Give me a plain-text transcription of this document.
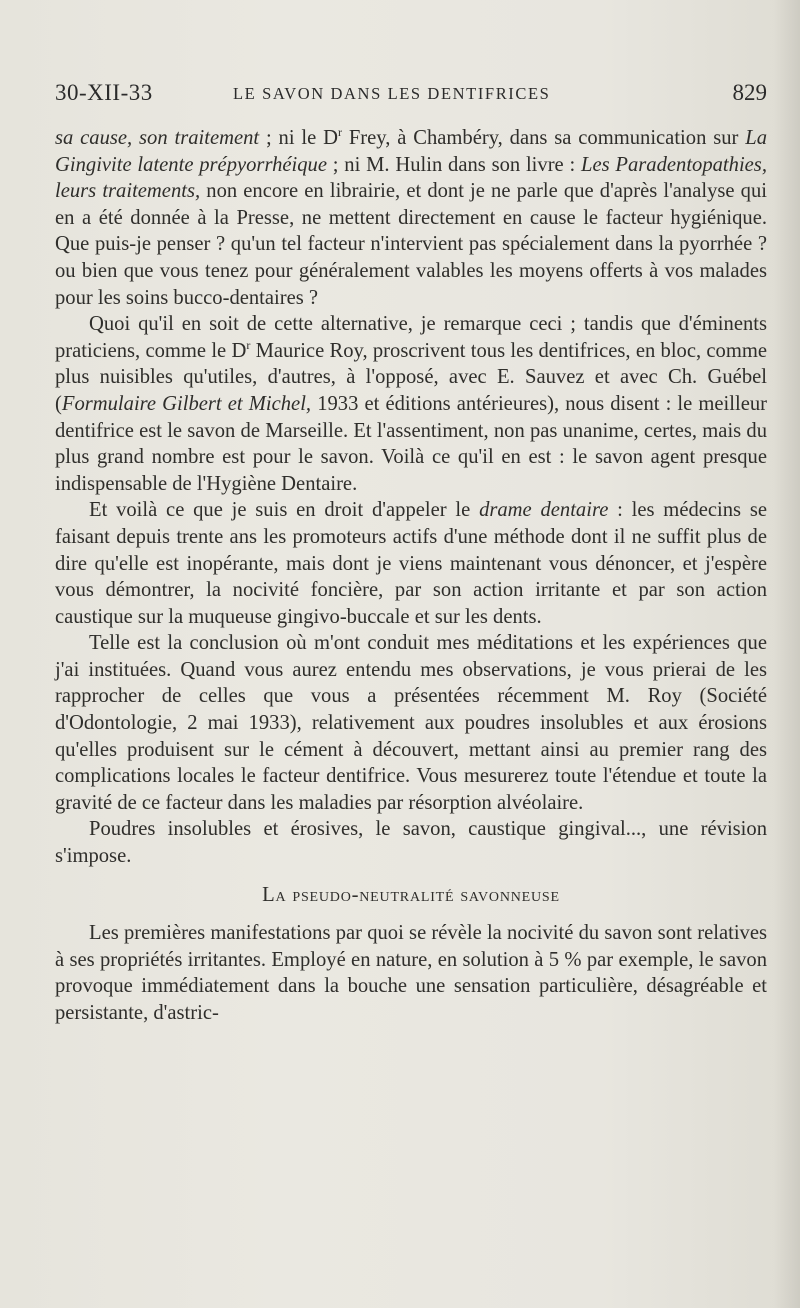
30-XII-33	LE SAVON DANS LES DENTIFRICES	829

sa cause, son traitement ; ni le $D^r$ Frey, à Chambéry, dans sa communication sur La Gingivite latente prépyorrhéique ; ni M. Hulin dans son livre : Les Paradentopathies, leurs traitements, non encore en librairie, et dont je ne parle que d'après l'analyse qui en a été donnée à la Presse, ne mettent directement en cause le facteur hygiénique. Que puis-je penser ? qu'un tel facteur n'intervient pas spécialement dans la pyorrhée ? ou bien que vous tenez pour généralement valables les moyens offerts à vos malades pour les soins bucco-dentaires ?

Quoi qu'il en soit de cette alternative, je remarque ceci ; tandis que d'éminents praticiens, comme le $D^r$ Maurice Roy, proscrivent tous les dentifrices, en bloc, comme plus nuisibles qu'utiles, d'autres, à l'opposé, avec E. Sauvez et avec Ch. Guébel (Formulaire Gilbert et Michel, 1933 et éditions antérieures), nous disent : le meilleur dentifrice est le savon de Marseille. Et l'assentiment, non pas unanime, certes, mais du plus grand nombre est pour le savon. Voilà ce qu'il en est : le savon agent presque indispensable de l'Hygiène Dentaire.

Et voilà ce que je suis en droit d'appeler le drame dentaire : les médecins se faisant depuis trente ans les promoteurs actifs d'une méthode dont il ne suffit plus de dire qu'elle est inopérante, mais dont je viens maintenant vous dénoncer, et j'espère vous démontrer, la nocivité foncière, par son action irritante et par son action caustique sur la muqueuse gingivo-buccale et sur les dents.

Telle est la conclusion où m'ont conduit mes méditations et les expériences que j'ai instituées. Quand vous aurez entendu mes observations, je vous prierai de les rapprocher de celles que vous a présentées récemment M. Roy (Société d'Odontologie, 2 mai 1933), relativement aux poudres insolubles et aux érosions qu'elles produisent sur le cément à découvert, mettant ainsi au premier rang des complications locales le facteur dentifrice. Vous mesurerez toute l'étendue et toute la gravité de ce facteur dans les maladies par résorption alvéolaire.

Poudres insolubles et érosives, le savon, caustique gingival..., une révision s'impose.

La pseudo-neutralité savonneuse

Les premières manifestations par quoi se révèle la nocivité du savon sont relatives à ses propriétés irritantes. Employé en nature, en solution à 5 % par exemple, le savon provoque immédiatement dans la bouche une sensation particulière, désagréable et persistante, d'astric-
